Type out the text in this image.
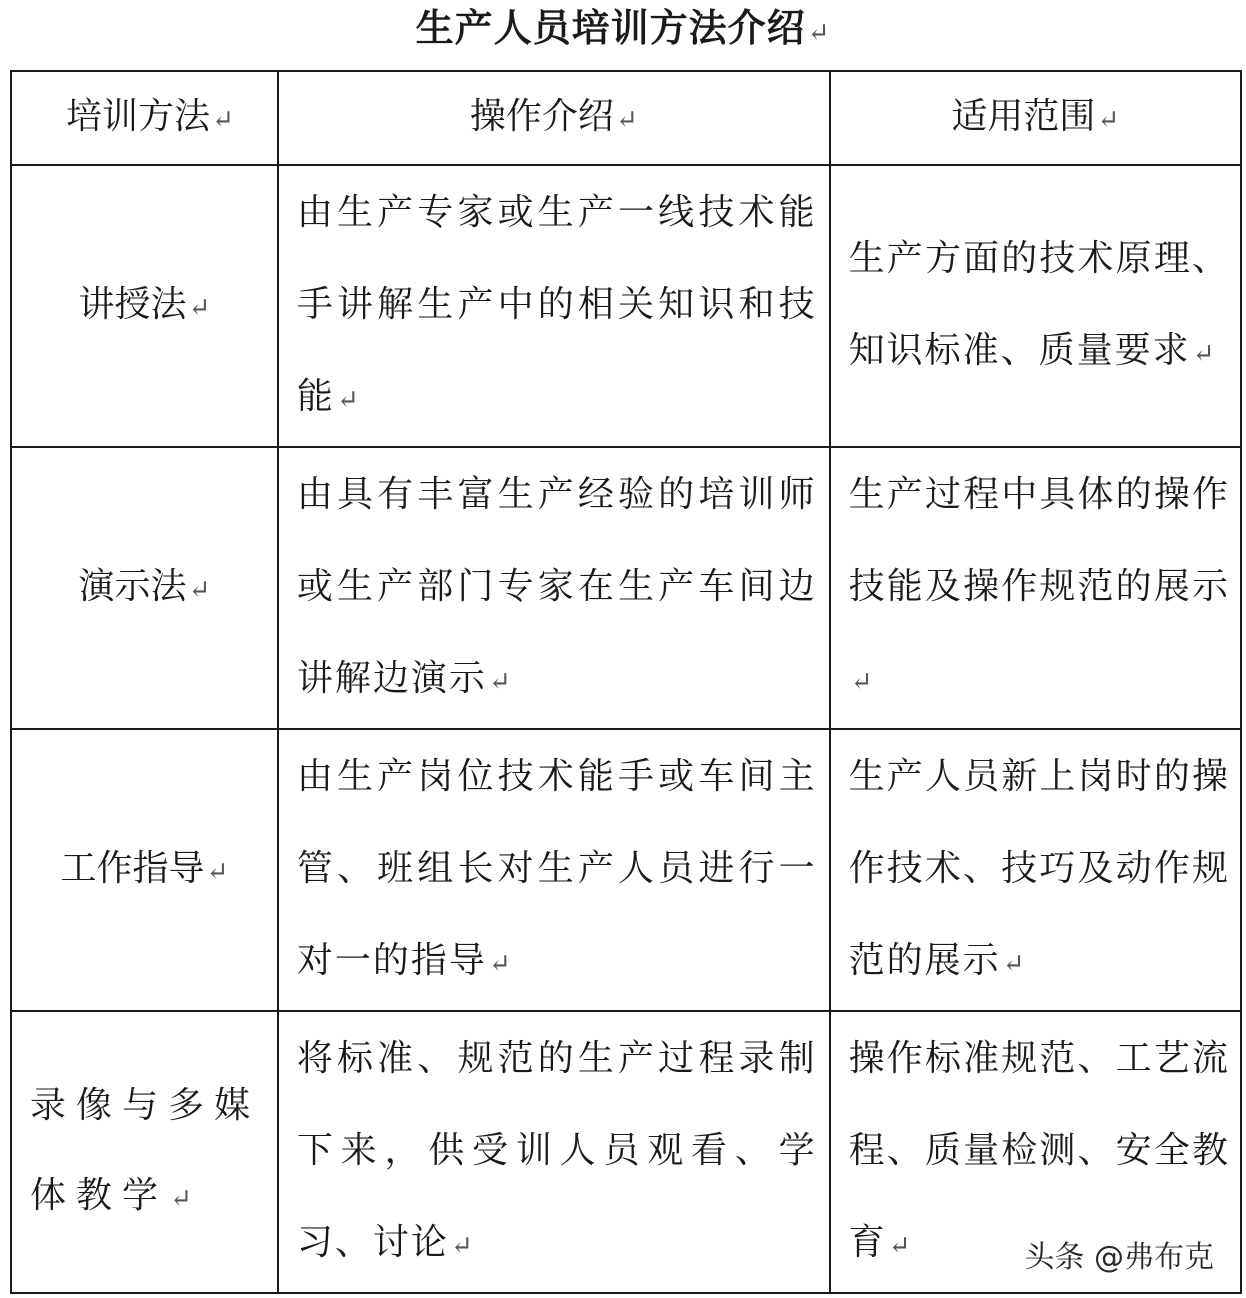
生产人员培训方法介绍↵
培训方法↵	操作介绍↵	适用范围↵
讲授法↵	由生产专家或生产一线技术能手讲解生产中的相关知识和技能↵	生产方面的技术原理、知识标准、质量要求↵

演示法↵	由具有丰富生产经验的培训师或生产部门专家在生产车间边讲解边演示↵	生产过程中具体的操作技能及操作规范的展示↵

工作指导↵	由生产岗位技术能手或车间主管、班组长对生产人员进行一对一的指导↵	生产人员新上岗时的操作技术、技巧及动作规范的展示↵

录像与多媒体教学↵	将标准、规范的生产过程录制下来，供受训人员观看、学习、讨论↵	操作标准规范、工艺流程、质量检测、安全教育↵	头条 @弗布克
